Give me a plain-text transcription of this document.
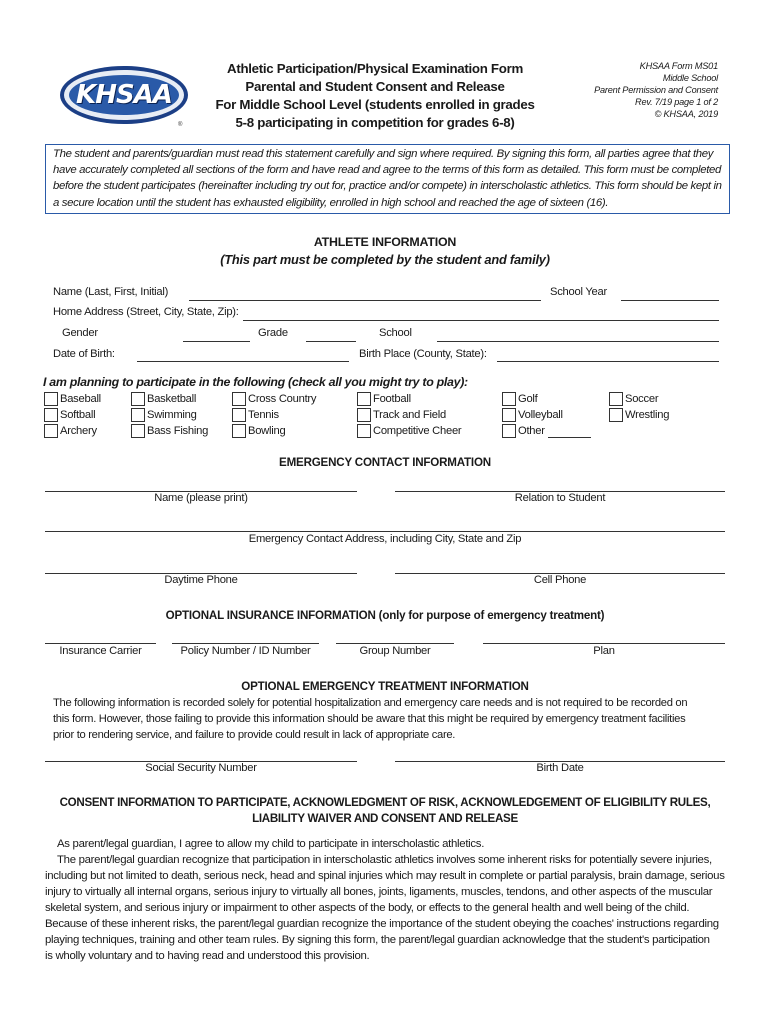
KHSAA
®
Athletic Participation/Physical Examination Form
Parental and Student Consent and Release
For Middle School Level (students enrolled in grades
5-8 participating in competition for grades 6-8)
KHSAA Form MS01
Middle School
Parent Permission and Consent
Rev. 7/19 page 1 of 2
© KHSAA, 2019
The student and parents/guardian must read this statement carefully and sign where required. By signing this form, all parties agree that they have accurately completed all sections of the form and have read and agree to the terms of this form as detailed. This form must be completed before the student participates (hereinafter including try out for, practice and/or compete) in interscholastic athletics. This form should be kept in a secure location until the student has exhausted eligibility, enrolled in high school and reached the age of sixteen (16).
ATHLETE INFORMATION
(This part must be completed by the student and family)
Name (Last, First, Initial)	School Year
Home Address (Street, City, State, Zip):
Gender	Grade	School
Date of Birth:	Birth Place (County, State):
I am planning to participate in the following (check all you might try to play):
Baseball
Softball
Archery
Basketball
Swimming
Bass Fishing
Cross Country
Tennis
Bowling
Football
Track and Field
Competitive Cheer
Golf
Volleyball
Other
Soccer
Wrestling
EMERGENCY CONTACT INFORMATION
Name (please print)	Relation to Student
Emergency Contact Address, including City, State and Zip
Daytime Phone	Cell Phone
OPTIONAL INSURANCE INFORMATION (only for purpose of emergency treatment)
Insurance Carrier	Policy Number / ID Number	Group Number	Plan
OPTIONAL EMERGENCY TREATMENT INFORMATION
The following information is recorded solely for potential hospitalization and emergency care needs and is not required to be recorded on
this form. However, those failing to provide this information should be aware that this might be required by emergency treatment facilities
prior to rendering service, and failure to provide could result in lack of appropriate care.
Social Security Number	Birth Date
CONSENT INFORMATION TO PARTICIPATE, ACKNOWLEDGMENT OF RISK, ACKNOWLEDGEMENT OF ELIGIBILITY RULES,
LIABILITY WAIVER AND CONSENT AND RELEASE
As parent/legal guardian, I agree to allow my child to participate in interscholastic athletics.
The parent/legal guardian recognize that participation in interscholastic athletics involves some inherent risks for potentially severe injuries,
including but not limited to death, serious neck, head and spinal injuries which may result in complete or partial paralysis, brain damage, serious
injury to virtually all internal organs, serious injury to virtually all bones, joints, ligaments, muscles, tendons, and other aspects of the muscular
skeletal system, and serious injury or impairment to other aspects of the body, or effects to the general health and well being of the child.
Because of these inherent risks, the parent/legal guardian recognize the importance of the student obeying the coaches' instructions regarding
playing techniques, training and other team rules. By signing this form, the parent/legal guardian acknowledge that the student's participation
is wholly voluntary and to having read and understood this provision.
